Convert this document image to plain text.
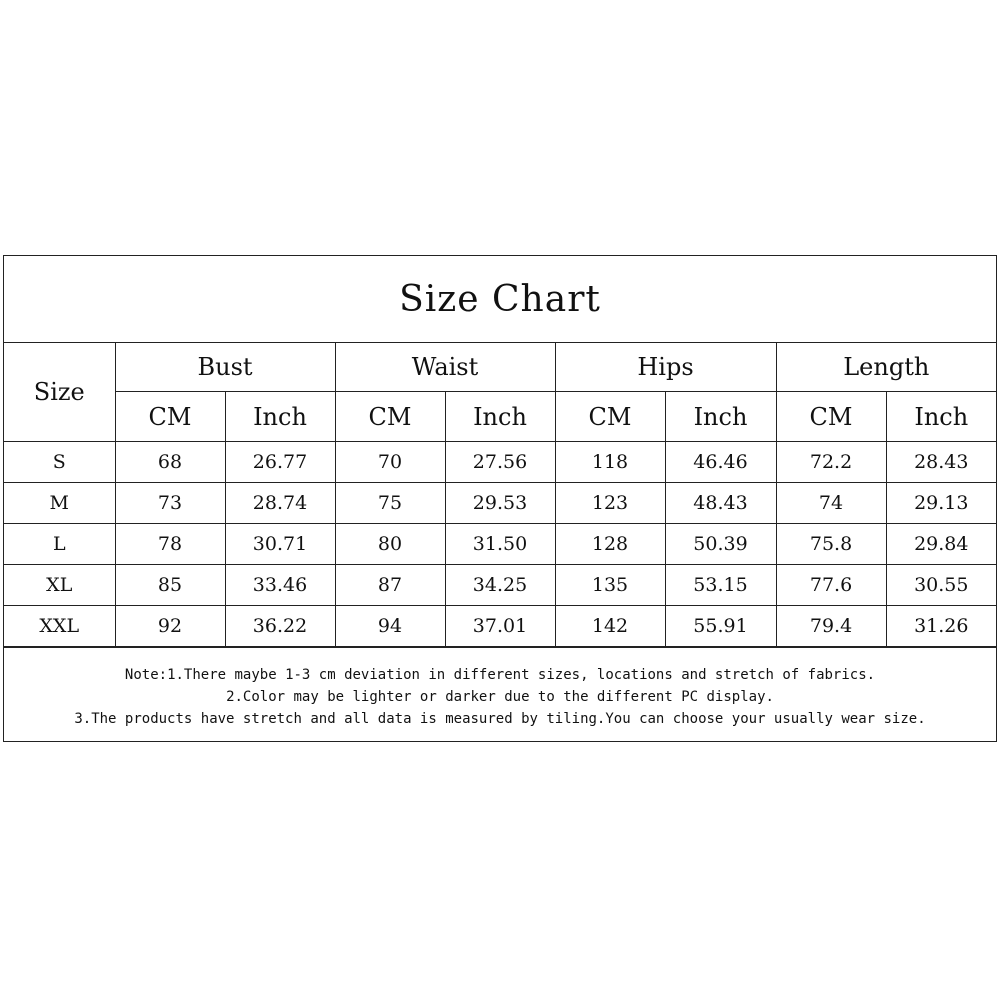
Size Chart
Size	Bust		Waist		Hips		Length	
	CM	Inch	CM	Inch	CM	Inch	CM	Inch
S	68	26.77	70	27.56	118	46.46	72.2	28.43
M	73	28.74	75	29.53	123	48.43	74	29.13
L	78	30.71	80	31.50	128	50.39	75.8	29.84
XL	85	33.46	87	34.25	135	53.15	77.6	30.55
XXL	92	36.22	94	37.01	142	55.91	79.4	31.26
Note:1.There maybe 1-3 cm deviation in different sizes, locations and stretch of fabrics.
2.Color may be lighter or darker due to the different PC display.
3.The products have stretch and all data is measured by tiling.You can choose your usually wear size.
